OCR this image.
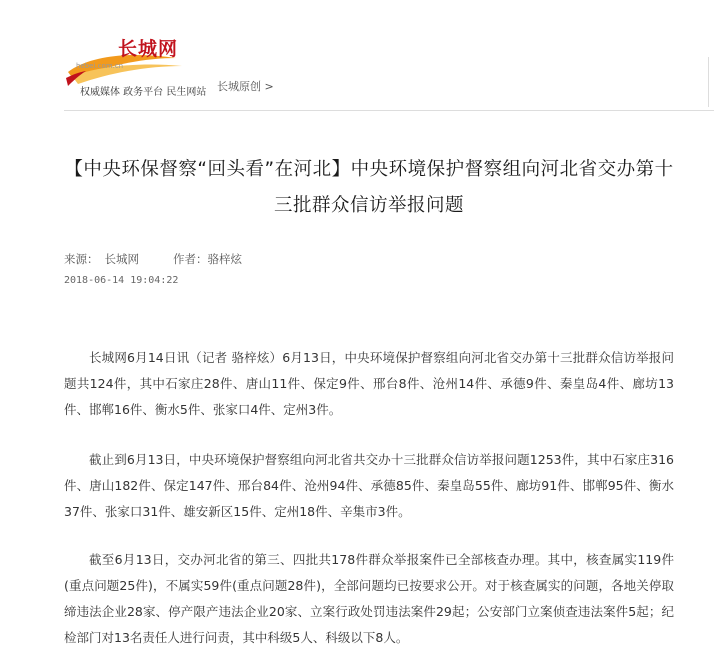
长城网
hebei.com.cn
权威媒体 政务平台 民生网站 长城原创 >
【中央环保督察“回头看”在河北】中央环境保护督察组向河北省交办第十三批群众信访举报问题
来源： 长城网	作者：骆梓炫
2018-06-14 19:04:22

长城网6月14日讯（记者 骆梓炫）6月13日，中央环境保护督察组向河北省交办第十三批群众信访举报问题共124件，其中石家庄28件、唐山11件、保定9件、邢台8件、沧州14件、承德9件、秦皇岛4件、廊坊13件、邯郸16件、衡水5件、张家口4件、定州3件。

截止到6月13日，中央环境保护督察组向河北省共交办十三批群众信访举报问题1253件，其中石家庄316件、唐山182件、保定147件、邢台84件、沧州94件、承德85件、秦皇岛55件、廊坊91件、邯郸95件、衡水37件、张家口31件、雄安新区15件、定州18件、辛集市3件。

截至6月13日，交办河北省的第三、四批共178件群众举报案件已全部核查办理。其中，核查属实119件(重点问题25件)，不属实59件(重点问题28件)，全部问题均已按要求公开。对于核查属实的问题，各地关停取缔违法企业28家、停产限产违法企业20家、立案行政处罚违法案件29起；公安部门立案侦查违法案件5起；纪检部门对13名责任人进行问责，其中科级5人、科级以下8人。
